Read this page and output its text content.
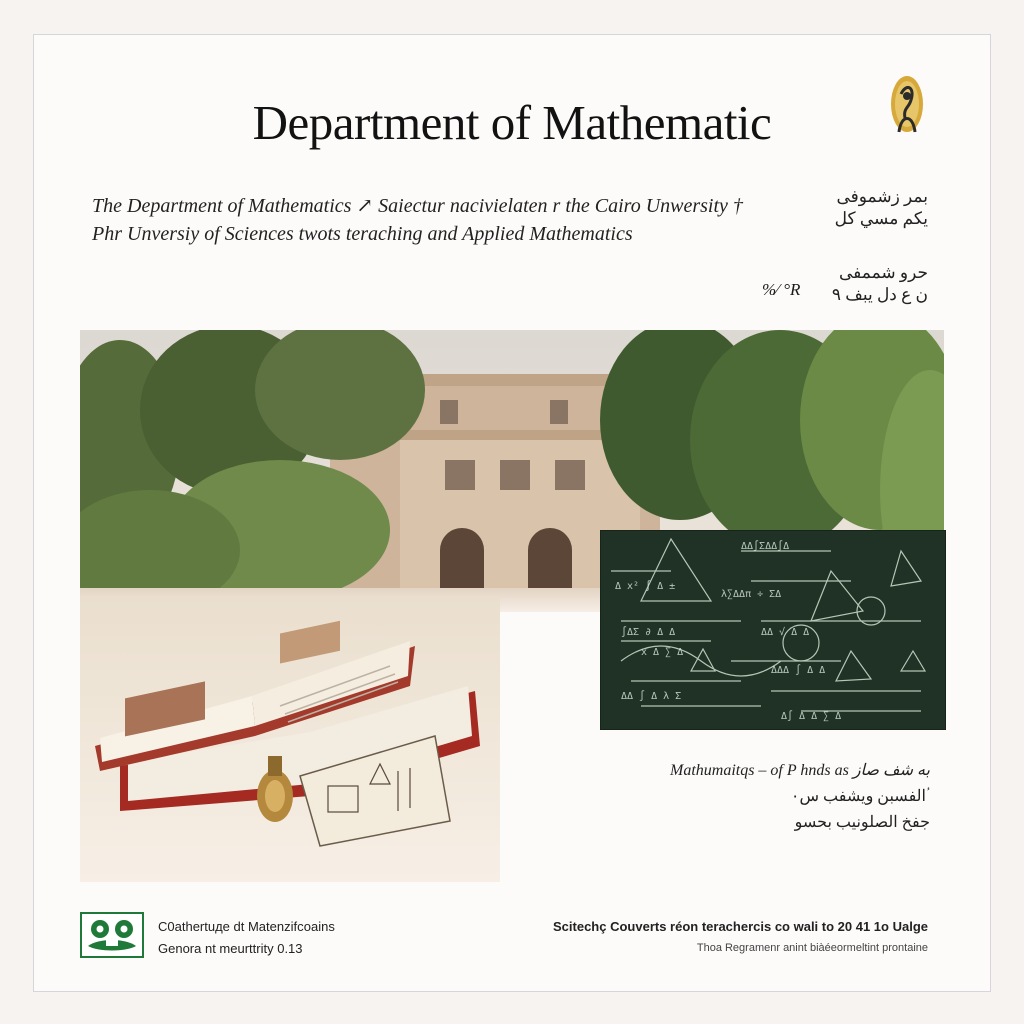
Department of Mathematic

The Department of Mathematics ↗ Saiectur nacivielaten r the Cairo Unwersity †

Phr Unversiy of Sciences twots teraching and Applied Mathematics

بمر زشموفى
يكم مسي كل
حرو شممفى
ن ع دل يبف ٩
%⁄ °R
ΔΔ∫ΣΔΔ∫Δ
Δ x² ∫ Δ ±
λ∑ΔΔπ ÷ ΣΔ
∫ΔΣ ∂ Δ Δ	ΔΔ √ Δ Δ
x Δ ∑ Δ
ΔΔΔ ∫ Δ Δ
ΔΔ ∫ Δ λ Σ
Δ∫ Δ Δ ∑ Δ
Mathumaitqs – of P hnds as به شف صاز
الفسبن ويشفب س٠ ؙ
جفخ الصلونيب بحسو
C0athertuде dt Matenzifсоains
Genora nt mеurttrity 0.13
Scitechç Couverts réon teracherсis co wali to 20 41 1o Ualge
Thoa Regramenr anint biàéeormeltint prontaine
